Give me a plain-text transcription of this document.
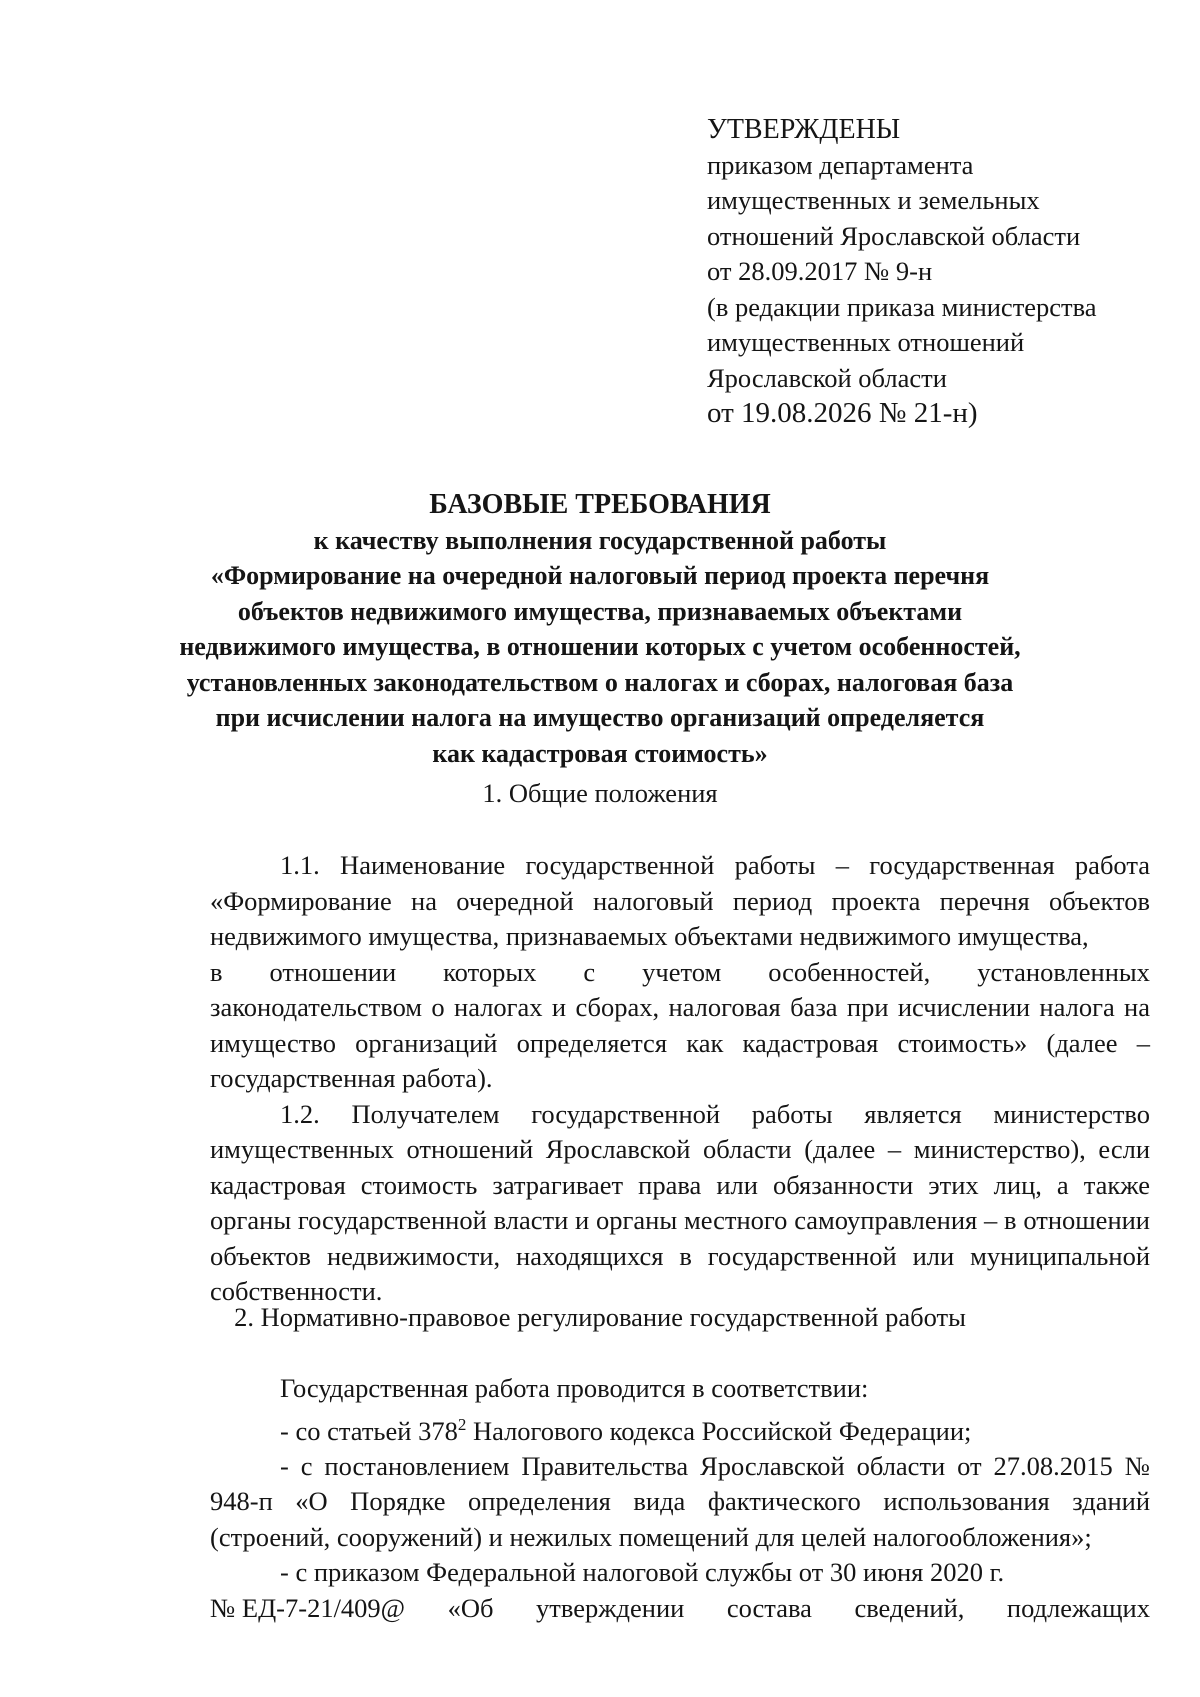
УТВЕРЖДЕНЫ
приказом департамента
имущественных и земельных
отношений Ярославской области
от 28.09.2017 № 9-н
(в редакции приказа министерства
имущественных отношений
Ярославской области
от 19.08.2026 № 21-н)
БАЗОВЫЕ ТРЕБОВАНИЯ
к качеству выполнения государственной работы
«Формирование на очередной налоговый период проекта перечня
объектов недвижимого имущества, признаваемых объектами
недвижимого имущества, в отношении которых с учетом особенностей,
установленных законодательством о налогах и сборах, налоговая база
при исчислении налога на имущество организаций определяется
как кадастровая стоимость»
1. Общие положения

1.1. Наименование государственной работы – государственная работа «Формирование на очередной налоговый период проекта перечня объектов недвижимого имущества, признаваемых объектами недвижимого имущества,

в отношении которых с учетом особенностей, установленных

законодательством о налогах и сборах, налоговая база при исчислении налога на имущество организаций определяется как кадастровая стоимость» (далее – государственная работа).

1.2. Получателем государственной работы является министерство имущественных отношений Ярославской области (далее – министерство), если кадастровая стоимость затрагивает права или обязанности этих лиц, а также органы государственной власти и органы местного самоуправления – в отношении объектов недвижимости, находящихся в государственной или муниципальной собственности.

2. Нормативно-правовое регулирование государственной работы

Государственная работа проводится в соответствии:

- со статьей $378^2$ Налогового кодекса Российской Федерации;

- с постановлением Правительства Ярославской области от 27.08.2015 № 948-п «О Порядке определения вида фактического использования зданий (строений, сооружений) и нежилых помещений для целей налогообложения»;

- с приказом Федеральной налоговой службы от 30 июня 2020 г.

№ ЕД-7-21/409@ «Об утверждении состава сведений, подлежащих
